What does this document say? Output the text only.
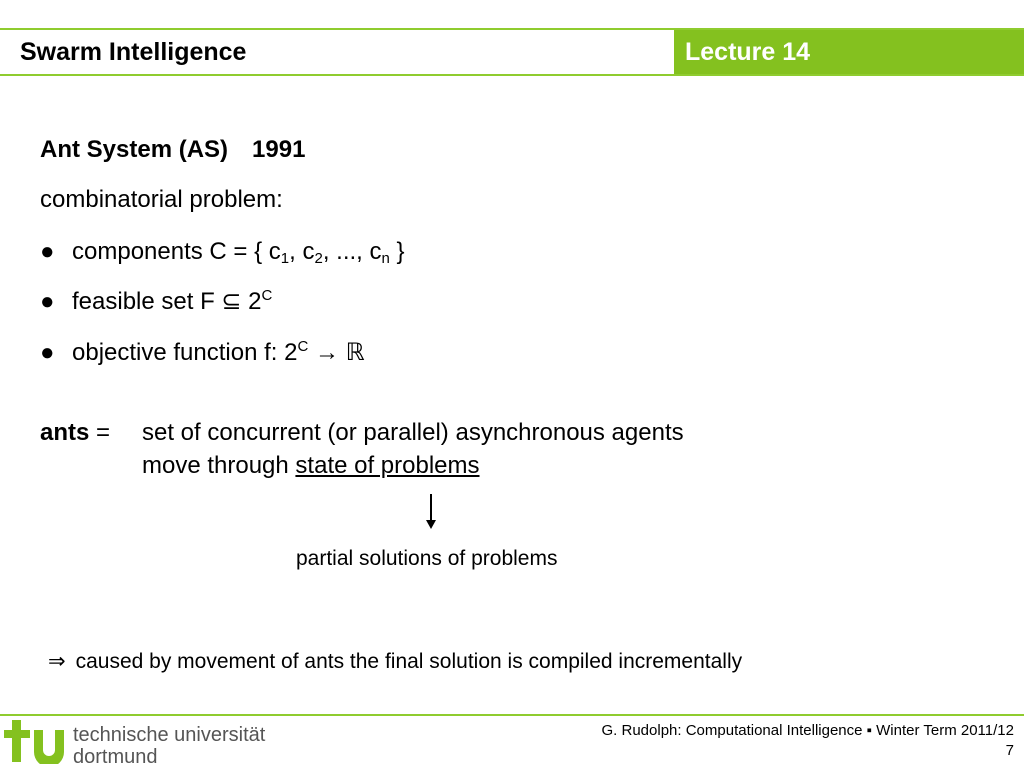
Swarm Intelligence	Lecture 14
Ant System (AS) 1991
combinatorial problem:
● components C = { $c_1$, $c_2$, ..., $c_n$ }
● feasible set F ⊆ $2^C$
● objective function f: $2^C$ → ℝ
ants = set of concurrent (or parallel) asynchronous agents
move through state of problems
partial solutions of problems
⇒ caused by movement of ants the final solution is compiled incrementally
technische universität
dortmund
G. Rudolph: Computational Intelligence ▪ Winter Term 2011/12
7
